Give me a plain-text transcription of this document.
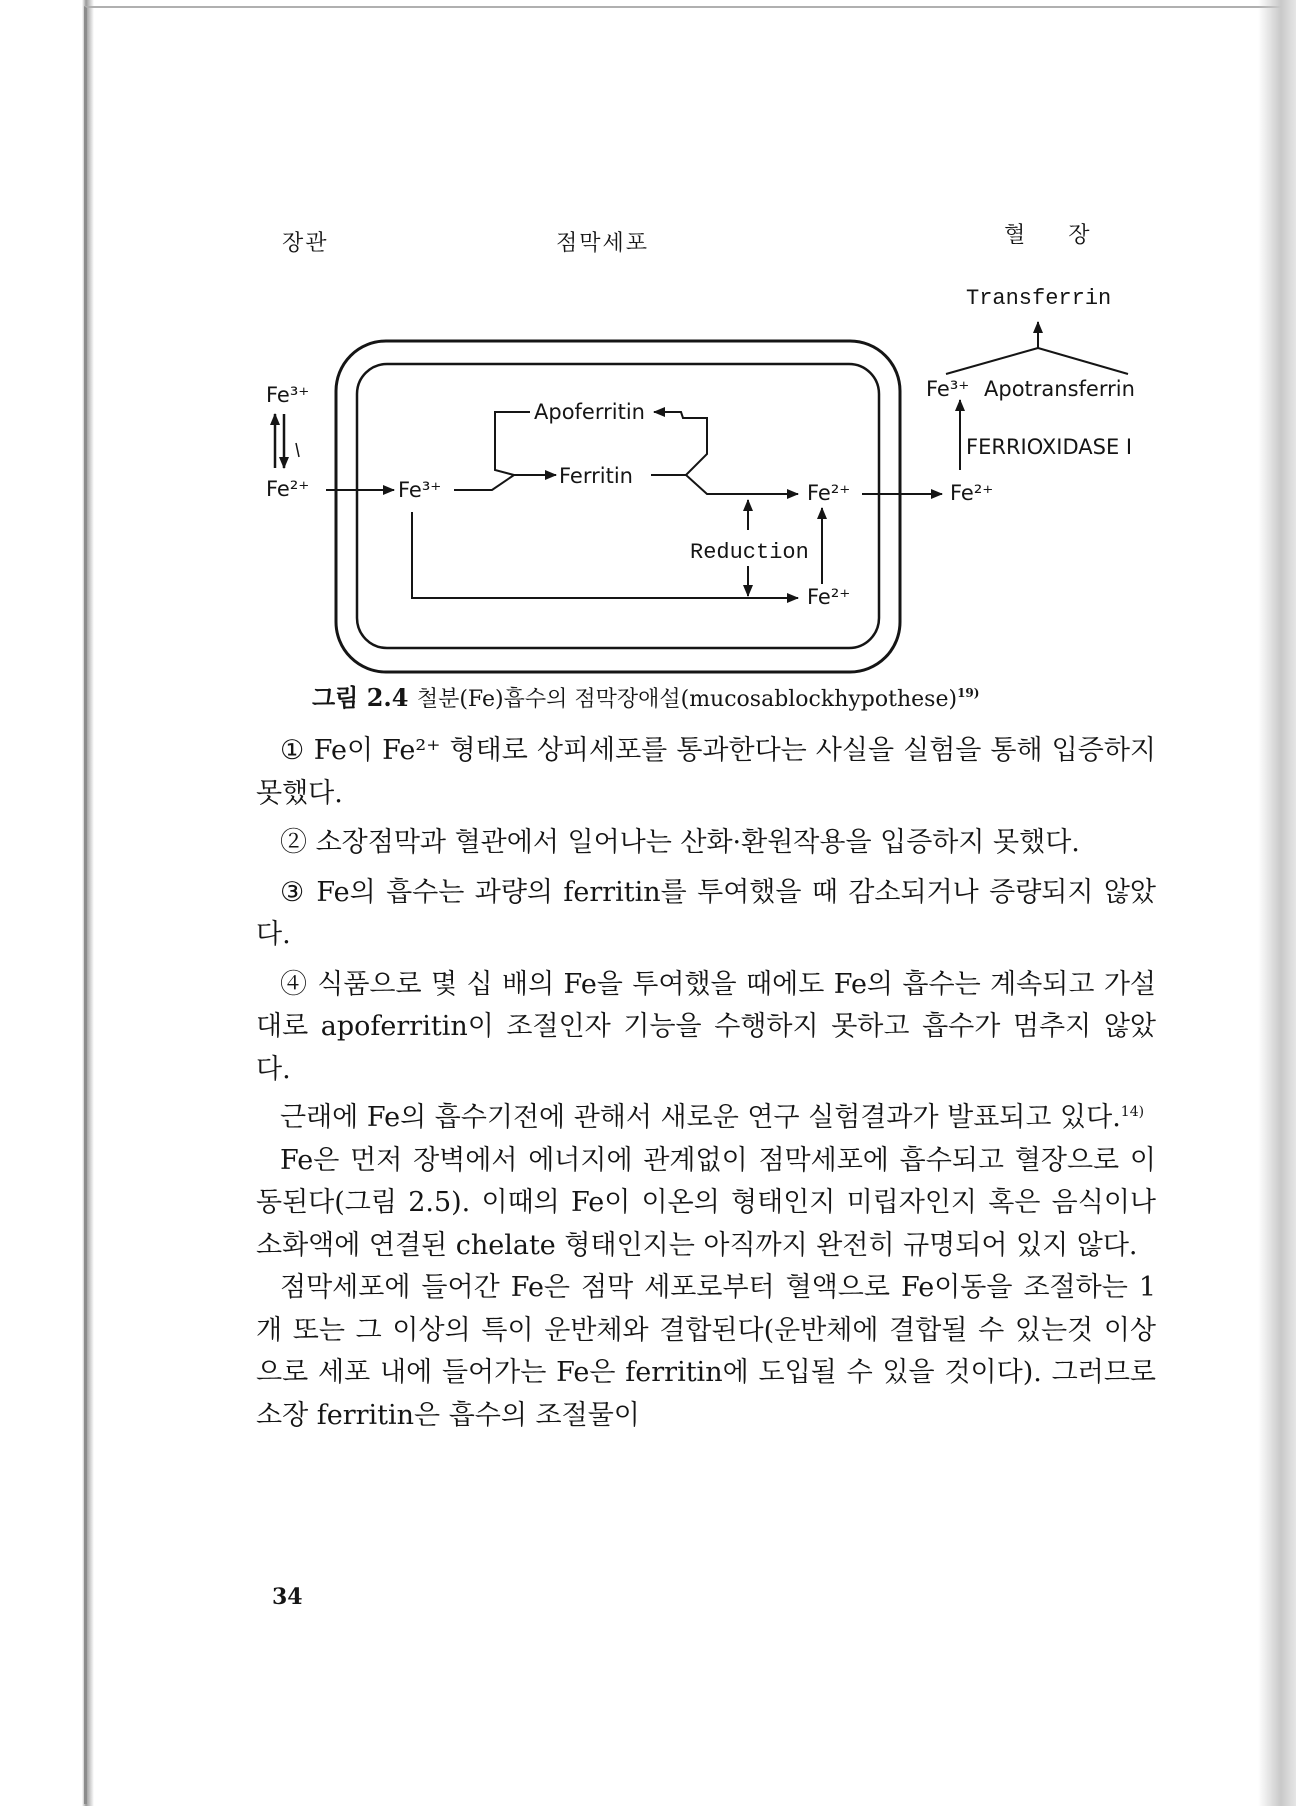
장관	점막세포	혈 장
Fe³⁺
Fe²⁺	Fe³⁺
Ferritin
Apoferritin
Fe²⁺
Reduction
Fe²⁺
Fe²⁺
FERRIOXIDASE I
Fe³⁺ Apotransferrin
Transferrin
그림 2.4 철분(Fe)흡수의 점막장애설(mucosablockhypothese)$^{19)}$

① Fe이 Fe²⁺ 형태로 상피세포를 통과한다는 사실을 실험을 통해 입증하지 못했다.

② 소장점막과 혈관에서 일어나는 산화·환원작용을 입증하지 못했다.

③ Fe의 흡수는 과량의 ferritin를 투여했을 때 감소되거나 증량되지 않았다.

④ 식품으로 몇 십 배의 Fe을 투여했을 때에도 Fe의 흡수는 계속되고 가설대로 apoferritin이 조절인자 기능을 수행하지 못하고 흡수가 멈추지 않았다.

근래에 Fe의 흡수기전에 관해서 새로운 연구 실험결과가 발표되고 있다.$^{14)}$

Fe은 먼저 장벽에서 에너지에 관계없이 점막세포에 흡수되고 혈장으로 이동된다(그림 2.5). 이때의 Fe이 이온의 형태인지 미립자인지 혹은 음식이나 소화액에 연결된 chelate 형태인지는 아직까지 완전히 규명되어 있지 않다.

점막세포에 들어간 Fe은 점막 세포로부터 혈액으로 Fe이동을 조절하는 1개 또는 그 이상의 특이 운반체와 결합된다(운반체에 결합될 수 있는것 이상으로 세포 내에 들어가는 Fe은 ferritin에 도입될 수 있을 것이다). 그러므로 소장 ferritin은 흡수의 조절물이

34
